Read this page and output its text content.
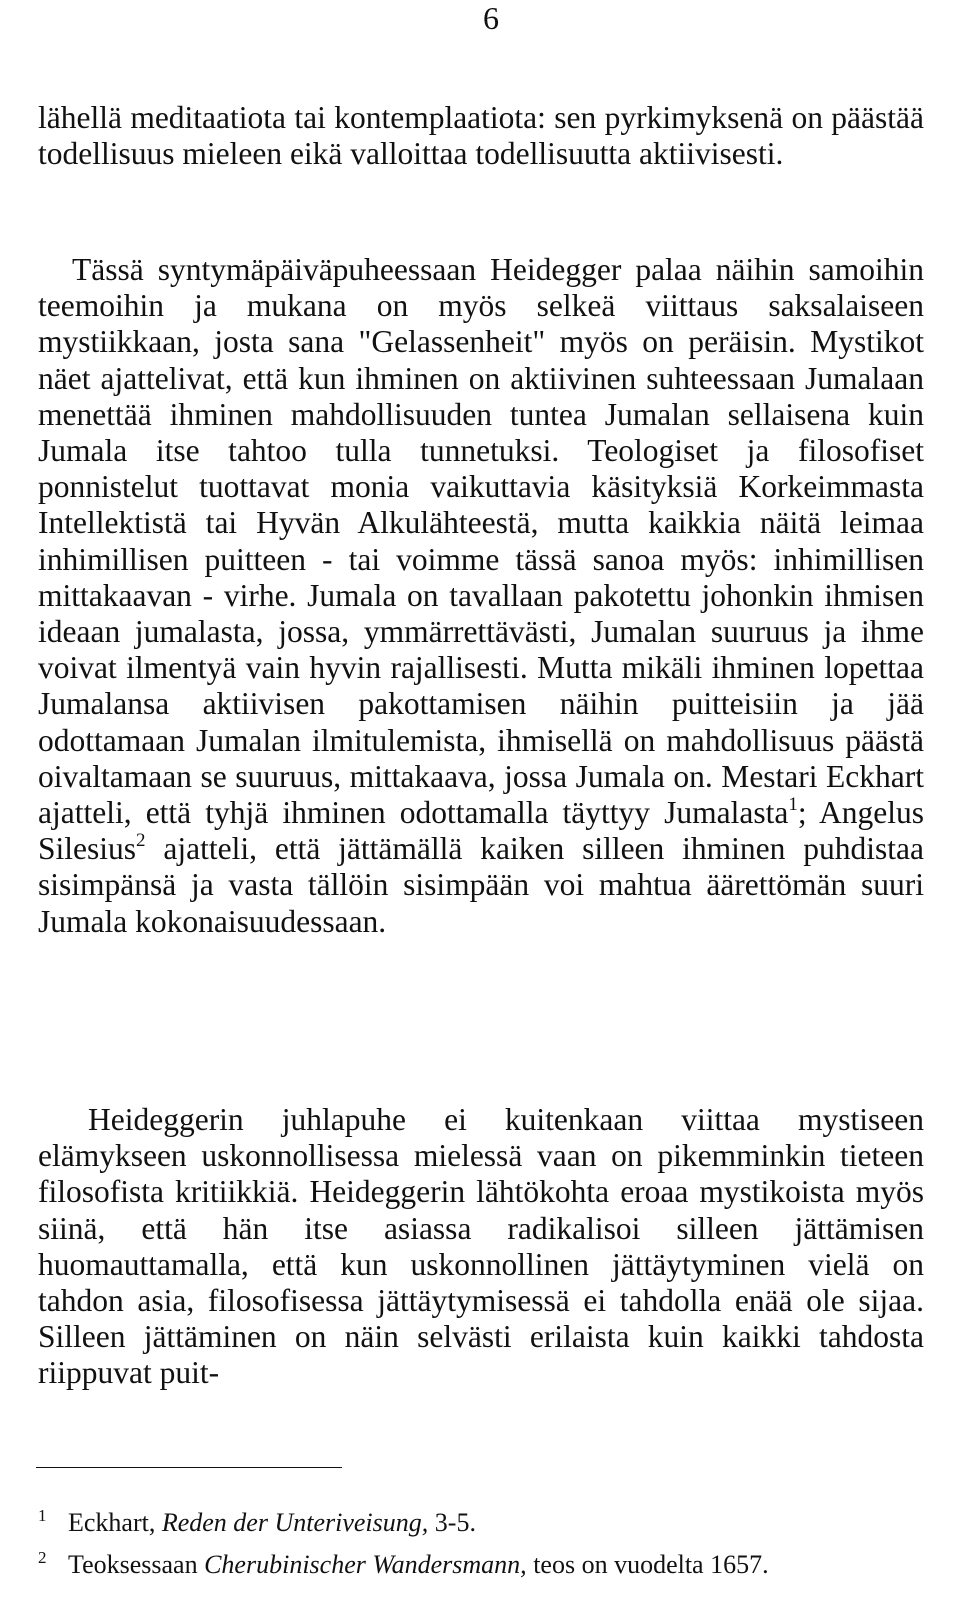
6

lähellä meditaatiota tai kontemplaatiota: sen pyrkimyksenä on päästää todellisuus mieleen eikä valloittaa todellisuutta aktiivisesti.

Tässä syntymäpäiväpuheessaan Heidegger palaa näihin samoihin teemoihin ja mukana on myös selkeä viittaus saksalaiseen mystiikkaan, josta sana "Gelassenheit" myös on peräisin. Mystikot näet ajattelivat, että kun ihminen on aktiivinen suhteessaan Jumalaan menettää ihminen mahdollisuuden tuntea Jumalan sellaisena kuin Jumala itse tahtoo tulla tunnetuksi. Teologiset ja filosofiset ponnistelut tuottavat monia vaikuttavia käsityksiä Korkeimmasta Intellektistä tai Hyvän Alkulähteestä, mutta kaikkia näitä leimaa inhimillisen puitteen - tai voimme tässä sanoa myös: inhimillisen mittakaavan - virhe. Jumala on tavallaan pakotettu johonkin ihmisen ideaan jumalasta, jossa, ymmärrettävästi, Jumalan suuruus ja ihme voivat ilmentyä vain hyvin rajallisesti. Mutta mikäli ihminen lopettaa Jumalansa aktiivisen pakottamisen näihin puitteisiin ja jää odottamaan Jumalan ilmitulemista, ihmisellä on mahdollisuus päästä oivaltamaan se suuruus, mittakaava, jossa Jumala on. Mestari Eckhart ajatteli, että tyhjä ihminen odottamalla täyttyy Jumalasta$^1$; Angelus Silesius$^2$ ajatteli, että jättämällä kaiken silleen ihminen puhdistaa sisimpänsä ja vasta tällöin sisimpään voi mahtua äärettömän suuri Jumala kokonaisuudessaan.

Heideggerin juhlapuhe ei kuitenkaan viittaa mystiseen elämykseen uskonnollisessa mielessä vaan on pikemminkin tieteen filosofista kritiikkiä. Heideggerin lähtökohta eroaa mystikoista myös siinä, että hän itse asiassa radikalisoi silleen jättämisen huomauttamalla, että kun uskonnollinen jättäytyminen vielä on tahdon asia, filosofisessa jättäytymisessä ei tahdolla enää ole sijaa. Silleen jättäminen on näin selvästi erilaista kuin kaikki tahdosta riippuvat puit-

1 Eckhart, Reden der Unteriveisung, 3-5.

2 Teoksessaan Cherubinischer Wandersmann, teos on vuodelta 1657.
